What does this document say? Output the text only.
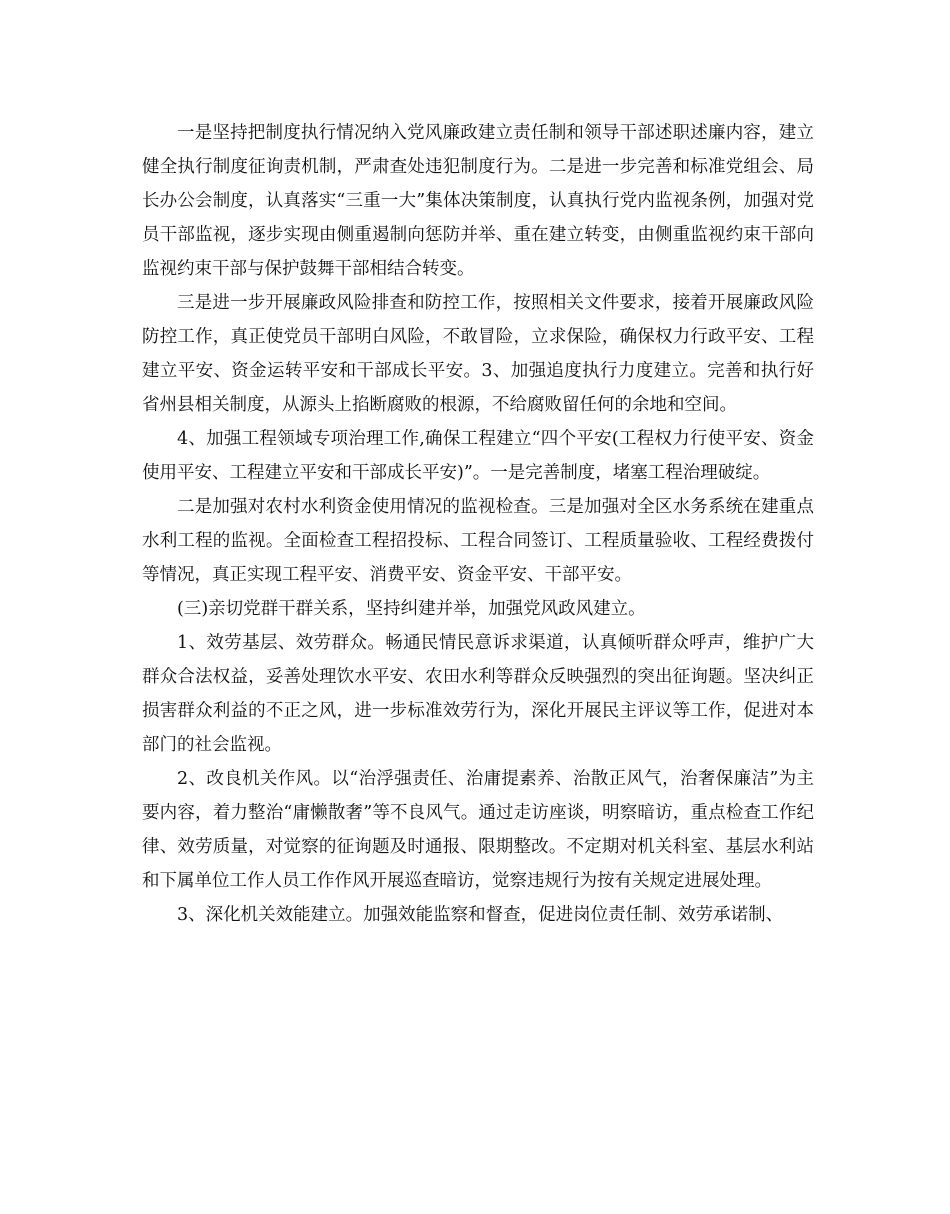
一是坚持把制度执行情况纳入党风廉政建立责任制和领导干部述职述廉内容，建立健全执行制度征询责机制，严肃查处违犯制度行为。二是进一步完善和标准党组会、局长办公会制度，认真落实“三重一大”集体决策制度，认真执行党内监视条例，加强对党员干部监视，逐步实现由侧重遏制向惩防并举、重在建立转变，由侧重监视约束干部向监视约束干部与保护鼓舞干部相结合转变。

三是进一步开展廉政风险排查和防控工作，按照相关文件要求，接着开展廉政风险防控工作，真正使党员干部明白风险，不敢冒险，立求保险，确保权力行政平安、工程建立平安、资金运转平安和干部成长平安。3、加强追度执行力度建立。完善和执行好省州县相关制度，从源头上掐断腐败的根源，不给腐败留任何的余地和空间。

4、加强工程领域专项治理工作,确保工程建立“四个平安(工程权力行使平安、资金使用平安、工程建立平安和干部成长平安)”。一是完善制度，堵塞工程治理破绽。

二是加强对农村水利资金使用情况的监视检查。三是加强对全区水务系统在建重点水利工程的监视。全面检查工程招投标、工程合同签订、工程质量验收、工程经费拨付等情况，真正实现工程平安、消费平安、资金平安、干部平安。

(三)亲切党群干群关系，坚持纠建并举，加强党风政风建立。

1、效劳基层、效劳群众。畅通民情民意诉求渠道，认真倾听群众呼声，维护广大群众合法权益，妥善处理饮水平安、农田水利等群众反映强烈的突出征询题。坚决纠正损害群众利益的不正之风，进一步标准效劳行为，深化开展民主评议等工作，促进对本部门的社会监视。

2、改良机关作风。以“治浮强责任、治庸提素养、治散正风气，治奢保廉洁”为主要内容，着力整治“庸懒散奢”等不良风气。通过走访座谈，明察暗访，重点检查工作纪律、效劳质量，对觉察的征询题及时通报、限期整改。不定期对机关科室、基层水利站和下属单位工作人员工作作风开展巡查暗访，觉察违规行为按有关规定进展处理。

3、深化机关效能建立。加强效能监察和督查，促进岗位责任制、效劳承诺制、
